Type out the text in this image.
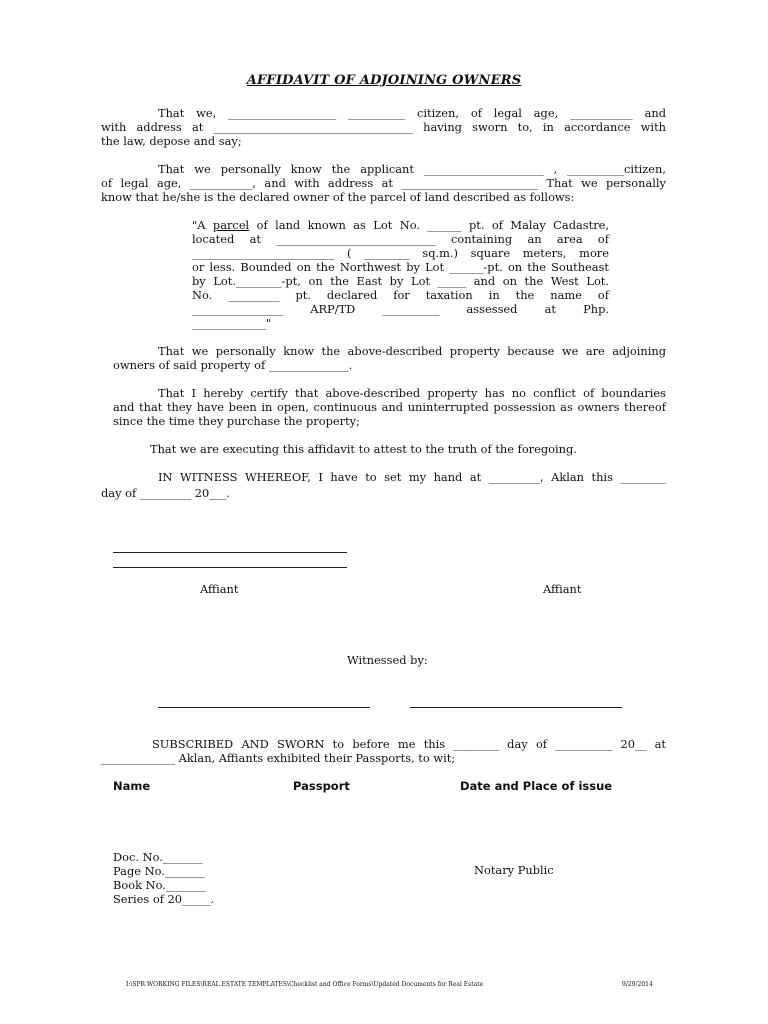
AFFIDAVIT OF ADJOINING OWNERS
That we, ___________________ __________ citizen, of legal age, ___________ and
with address at ___________________________________ having sworn to, in accordance with
the law, depose and say;
That we personally know the applicant _____________________ , __________citizen,
of legal age, ___________, and with address at ________________________ That we personally
know that he/she is the declared owner of the parcel of land described as follows:
"A parcel of land known as Lot No. ______ pt. of Malay Cadastre,
located at ____________________________ containing an area of
_________________________ ( ________ sq.m.) square meters, more
or less. Bounded on the Northwest by Lot ______-pt. on the Southeast
by Lot.________-pt, on the East by Lot _____ and on the West Lot.
No. _________ pt. declared for taxation in the name of
________________ ARP/TD __________ assessed at Php.
_____________"
That we personally know the above-described property because we are adjoining
owners of said property of ______________.
That I hereby certify that above-described property has no conflict of boundaries
and that they have been in open, continuous and uninterrupted possession as owners thereof
since the time they purchase the property;
That we are executing this affidavit to attest to the truth of the foregoing.
IN WITNESS WHEREOF, I have to set my hand at _________, Aklan this ________
day of _________ 20___.
Affiant	Affiant
Witnessed by:
SUBSCRIBED AND SWORN to before me this ________ day of __________ 20__ at
_____________ Aklan, Affiants exhibited their Passports, to wit;
Name	Passport	Date and Place of issue
Doc. No._______
Page No._______
Book No._______
Series of 20_____.
Notary Public
I:\SPR WORKING FILES\REAL ESTATE TEMPLATES\Checklist and Office Forms\Updated Documents for Real Estate	9/29/2014
